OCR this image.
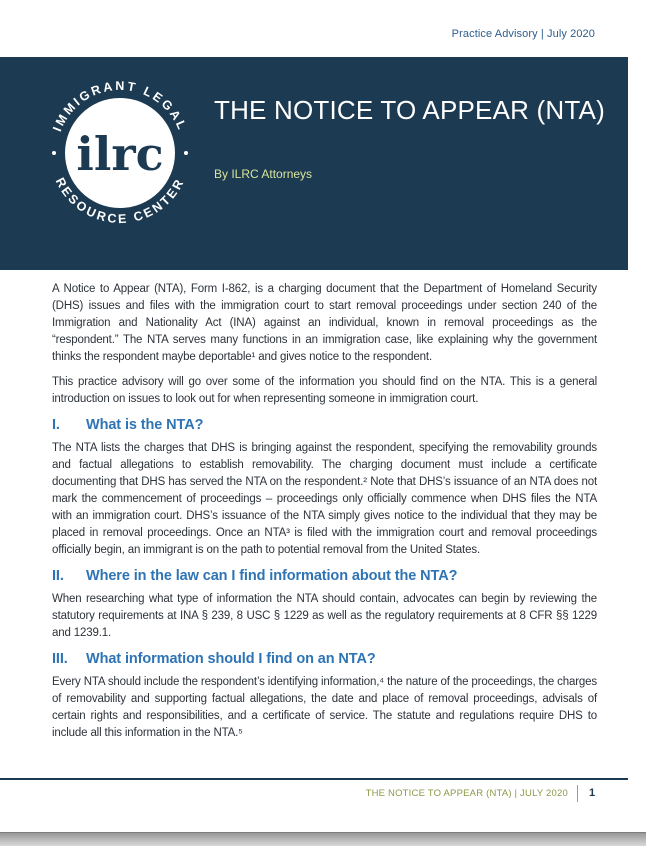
Practice Advisory | July 2020
IMMIGRANT LEGAL
RESOURCE CENTER
ilrc
THE NOTICE TO APPEAR (NTA)
By ILRC Attorneys

A Notice to Appear (NTA), Form I-862, is a charging document that the Department of Homeland Security (DHS) issues and files with the immigration court to start removal proceedings under section 240 of the Immigration and Nationality Act (INA) against an individual, known in removal proceedings as the “respondent.” The NTA serves many functions in an immigration case, like explaining why the government thinks the respondent maybe deportable¹ and gives notice to the respondent.

This practice advisory will go over some of the information you should find on the NTA. This is a general introduction on issues to look out for when representing someone in immigration court.

I.	What is the NTA?

The NTA lists the charges that DHS is bringing against the respondent, specifying the removability grounds and factual allegations to establish removability. The charging document must include a certificate documenting that DHS has served the NTA on the respondent.² Note that DHS’s issuance of an NTA does not mark the commencement of proceedings – proceedings only officially commence when DHS files the NTA with an immigration court. DHS’s issuance of the NTA simply gives notice to the individual that they may be placed in removal proceedings. Once an NTA³ is filed with the immigration court and removal proceedings officially begin, an immigrant is on the path to potential removal from the United States.

II.	Where in the law can I find information about the NTA?

When researching what type of information the NTA should contain, advocates can begin by reviewing the statutory requirements at INA § 239, 8 USC § 1229 as well as the regulatory requirements at 8 CFR §§ 1229 and 1239.1.

III.	What information should I find on an NTA?

Every NTA should include the respondent’s identifying information,⁴ the nature of the proceedings, the charges of removability and supporting factual allegations, the date and place of removal proceedings, advisals of certain rights and responsibilities, and a certificate of service. The statute and regulations require DHS to include all this information in the NTA.⁵

THE NOTICE TO APPEAR (NTA) | JULY 2020 1
